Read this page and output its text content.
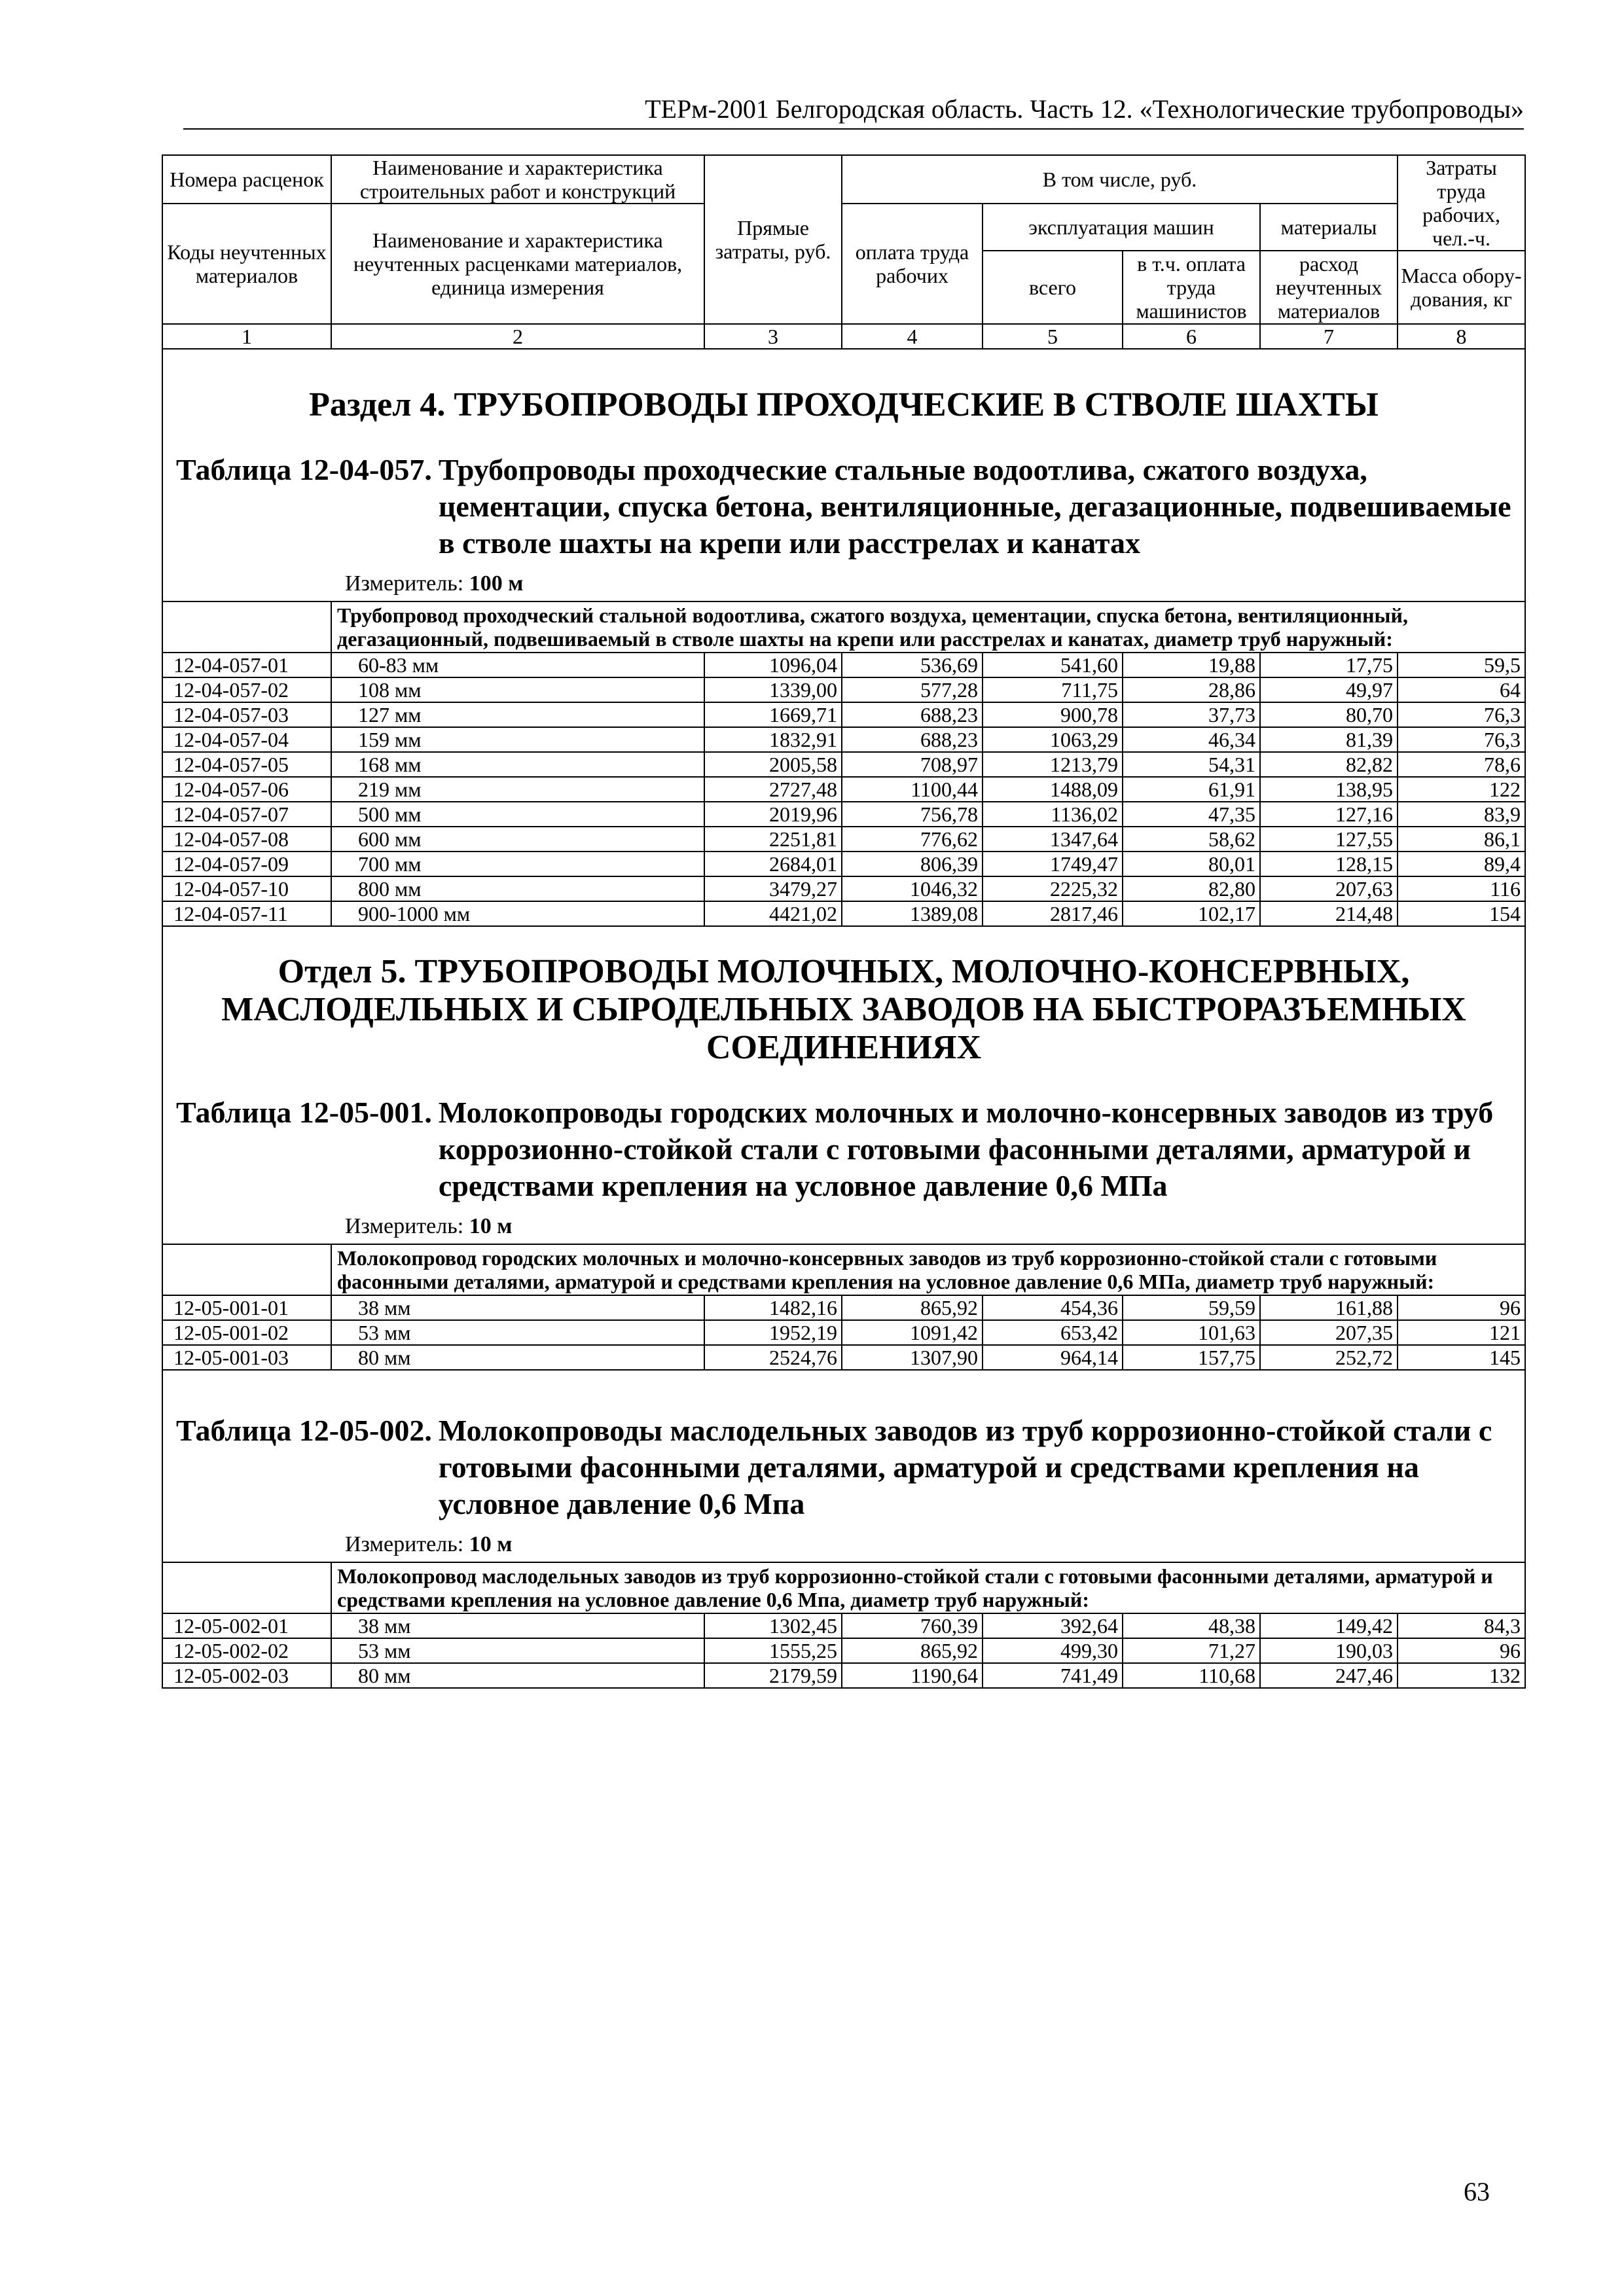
ТЕРм-2001 Белгородская область. Часть 12. «Технологические трубопроводы»
Номера расценок	Наименование и характеристика строительных работ и конструкций	Прямые затраты, руб.	В том числе, руб.				Затраты труда рабочих, чел.-ч.
Коды неучтенных материалов	Наименование и характеристика неучтенных расценками материалов, единица измерения		оплата труда рабочих	эксплуатация машин		материалы	
				всего	в т.ч. оплата труда машинистов	расход неучтенных материалов	Масса обору-дования, кг
1	2	3	4	5	6	7	8
Раздел 4. ТРУБОПРОВОДЫ ПРОХОДЧЕСКИЕ В СТВОЛЕ ШАХТЫ							

Таблица 12-04-057. Трубопроводы проходческие стальные водоотлива, сжатого воздуха, цементации, спуска бетона, вентиляционные, дегазационные, подвешиваемые в стволе шахты на крепи или расстрелах и канатах
Измеритель: 100 м							

	Трубопровод проходческий стальной водоотлива, сжатого воздуха, цементации, спуска бетона, вентиляционный, дегазационный, подвешиваемый в стволе шахты на крепи или расстрелах и канатах, диаметр труб наружный:						
12-04-057-01	60-83 мм	1096,04	536,69	541,60	19,88	17,75	59,5
12-04-057-02	108 мм	1339,00	577,28	711,75	28,86	49,97	64
12-04-057-03	127 мм	1669,71	688,23	900,78	37,73	80,70	76,3
12-04-057-04	159 мм	1832,91	688,23	1063,29	46,34	81,39	76,3
12-04-057-05	168 мм	2005,58	708,97	1213,79	54,31	82,82	78,6
12-04-057-06	219 мм	2727,48	1100,44	1488,09	61,91	138,95	122
12-04-057-07	500 мм	2019,96	756,78	1136,02	47,35	127,16	83,9
12-04-057-08	600 мм	2251,81	776,62	1347,64	58,62	127,55	86,1
12-04-057-09	700 мм	2684,01	806,39	1749,47	80,01	128,15	89,4
12-04-057-10	800 мм	3479,27	1046,32	2225,32	82,80	207,63	116
12-04-057-11	900-1000 мм	4421,02	1389,08	2817,46	102,17	214,48	154
Отдел 5. ТРУБОПРОВОДЫ МОЛОЧНЫХ, МОЛОЧНО-КОНСЕРВНЫХ, МАСЛОДЕЛЬНЫХ И СЫРОДЕЛЬНЫХ ЗАВОДОВ НА БЫСТРОРАЗЪЕМНЫХ СОЕДИНЕНИЯХ							

Таблица 12-05-001. Молокопроводы городских молочных и молочно-консервных заводов из труб коррозионно-стойкой стали с готовыми фасонными деталями, арматурой и средствами крепления на условное давление 0,6 МПа
Измеритель: 10 м							

	Молокопровод городских молочных и молочно-консервных заводов из труб коррозионно-стойкой стали с готовыми фасонными деталями, арматурой и средствами крепления на условное давление 0,6 МПа, диаметр труб наружный:						
12-05-001-01	38 мм	1482,16	865,92	454,36	59,59	161,88	96
12-05-001-02	53 мм	1952,19	1091,42	653,42	101,63	207,35	121
12-05-001-03	80 мм	2524,76	1307,90	964,14	157,75	252,72	145

Таблица 12-05-002. Молокопроводы маслодельных заводов из труб коррозионно-стойкой стали с готовыми фасонными деталями, арматурой и средствами крепления на условное давление 0,6 Мпа
Измеритель: 10 м							

	Молокопровод маслодельных заводов из труб коррозионно-стойкой стали с готовыми фасонными деталями, арматурой и средствами крепления на условное давление 0,6 Мпа, диаметр труб наружный:						
12-05-002-01	38 мм	1302,45	760,39	392,64	48,38	149,42	84,3
12-05-002-02	53 мм	1555,25	865,92	499,30	71,27	190,03	96
12-05-002-03	80 мм	2179,59	1190,64	741,49	110,68	247,46	132
63
